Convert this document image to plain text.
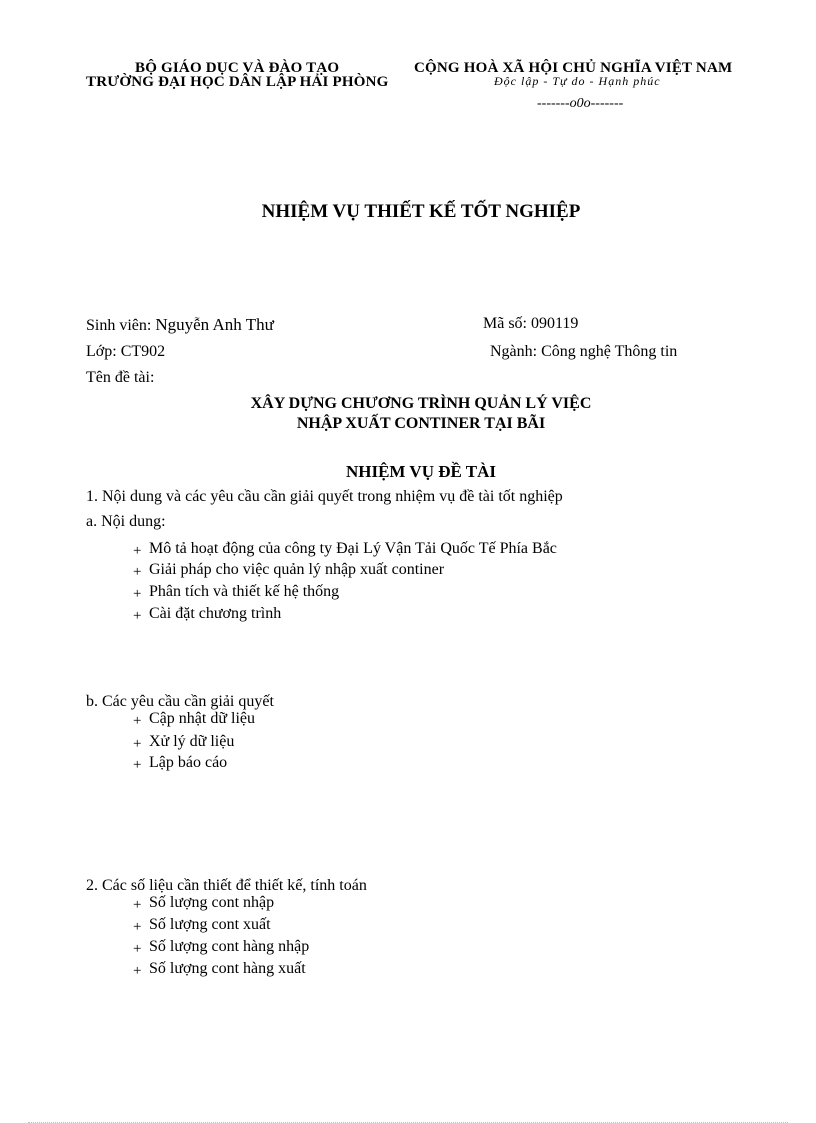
BỘ GIÁO DỤC VÀ ĐÀO TẠO
TRƯỜNG ĐẠI HỌC DÂN LẬP HẢI PHÒNG
CỘNG HOÀ XÃ HỘI CHỦ NGHĨA VIỆT NAM
Độc lập - Tự do - Hạnh phúc
-------o0o-------
NHIỆM VỤ THIẾT KẾ TỐT NGHIỆP
Sinh viên: Nguyễn Anh Thư	Mã số: 090119
Lớp: CT902	Ngành: Công nghệ Thông tin
Tên đề tài:
XÂY DỰNG CHƯƠNG TRÌNH QUẢN LÝ VIỆC
NHẬP XUẤT CONTINER TẠI BÃI
NHIỆM VỤ ĐỀ TÀI
1. Nội dung và các yêu cầu cần giải quyết trong nhiệm vụ đề tài tốt nghiệp
a. Nội dung:
+ Mô tả hoạt động của công ty Đại Lý Vận Tải Quốc Tế Phía Bắc
+ Giải pháp cho việc quản lý nhập xuất continer
+ Phân tích và thiết kế hệ thống
+ Cài đặt chương trình
b. Các yêu cầu cần giải quyết
+ Cập nhật dữ liệu
+ Xử lý dữ liệu
+ Lập báo cáo
2. Các số liệu cần thiết để thiết kế, tính toán
+ Số lượng cont nhập
+ Số lượng cont xuất
+ Số lượng cont hàng nhập
+ Số lượng cont hàng xuất
